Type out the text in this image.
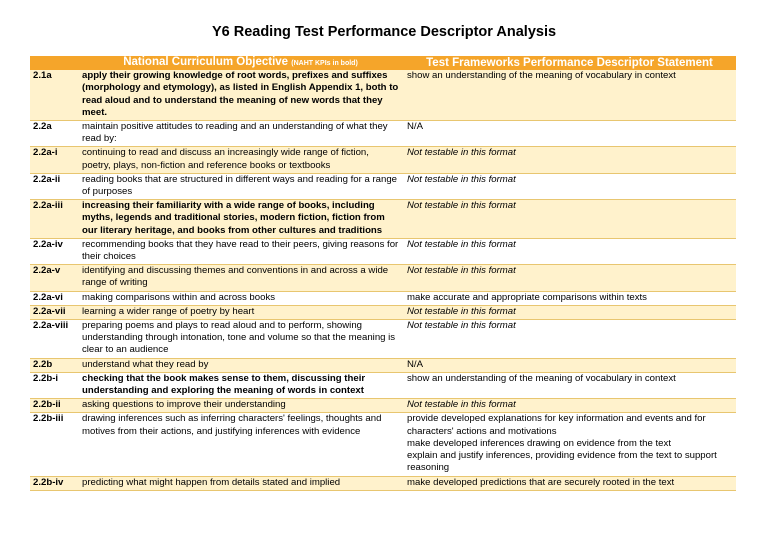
Y6 Reading Test Performance Descriptor Analysis
	National Curriculum Objective (NAHT KPIs in bold)	Test Frameworks Performance Descriptor Statement
2.1a	apply their growing knowledge of root words, prefixes and suffixes (morphology and etymology), as listed in English Appendix 1, both to read aloud and to understand the meaning of new words that they meet.	show an understanding of the meaning of vocabulary in context
2.2a	maintain positive attitudes to reading and an understanding of what they read by:	N/A
2.2a-i	continuing to read and discuss an increasingly wide range of fiction, poetry, plays, non-fiction and reference books or textbooks	Not testable in this format
2.2a-ii	reading books that are structured in different ways and reading for a range of purposes	Not testable in this format
2.2a-iii	increasing their familiarity with a wide range of books, including myths, legends and traditional stories, modern fiction, fiction from our literary heritage, and books from other cultures and traditions	Not testable in this format
2.2a-iv	recommending books that they have read to their peers, giving reasons for their choices	Not testable in this format
2.2a-v	identifying and discussing themes and conventions in and across a wide range of writing	Not testable in this format
2.2a-vi	making comparisons within and across books	make accurate and appropriate comparisons within texts
2.2a-vii	learning a wider range of poetry by heart	Not testable in this format
2.2a-viii	preparing poems and plays to read aloud and to perform, showing understanding through intonation, tone and volume so that the meaning is clear to an audience	Not testable in this format
2.2b	understand what they read by	N/A
2.2b-i	checking that the book makes sense to them, discussing their understanding and exploring the meaning of words in context	show an understanding of the meaning of vocabulary in context
2.2b-ii	asking questions to improve their understanding	Not testable in this format
2.2b-iii	drawing inferences such as inferring characters' feelings, thoughts and motives from their actions, and justifying inferences with evidence	provide developed explanations for key information and events and for characters' actions and motivations
make developed inferences drawing on evidence from the text
explain and justify inferences, providing evidence from the text to support reasoning

2.2b-iv	predicting what might happen from details stated and implied	make developed predictions that are securely rooted in the text
